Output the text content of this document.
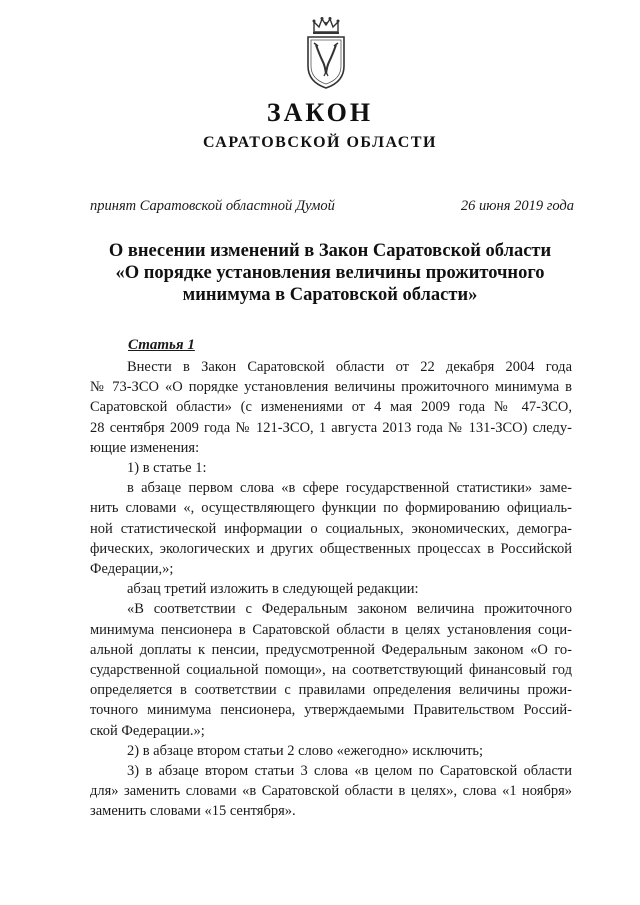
ЗАКОН
САРАТОВСКОЙ ОБЛАСТИ
принят Саратовской областной Думой	26 июня 2019 года
О внесении изменений в Закон Саратовской области
«О порядке установления величины прожиточного
минимума в Саратовской области»
Статья 1
Внести в Закон Саратовской области от 22 декабря 2004 года
№ 73-ЗСО «О порядке установления величины прожиточного минимума в
Саратовской области» (с изменениями от 4 мая 2009 года № 47-ЗСО,
28 сентября 2009 года № 121-ЗСО, 1 августа 2013 года № 131-ЗСО) следу-
ющие изменения:
1) в статье 1:
в абзаце первом слова «в сфере государственной статистики» заме-
нить словами «, осуществляющего функции по формированию официаль-
ной статистической информации о социальных, экономических, демогра-
фических, экологических и других общественных процессах в Российской
Федерации,»;
абзац третий изложить в следующей редакции:
«В соответствии с Федеральным законом величина прожиточного
минимума пенсионера в Саратовской области в целях установления соци-
альной доплаты к пенсии, предусмотренной Федеральным законом «О го-
сударственной социальной помощи», на соответствующий финансовый год
определяется в соответствии с правилами определения величины прожи-
точного минимума пенсионера, утверждаемыми Правительством Россий-
ской Федерации.»;
2) в абзаце втором статьи 2 слово «ежегодно» исключить;
3) в абзаце втором статьи 3 слова «в целом по Саратовской области
для» заменить словами «в Саратовской области в целях», слова «1 ноября»
заменить словами «15 сентября».
